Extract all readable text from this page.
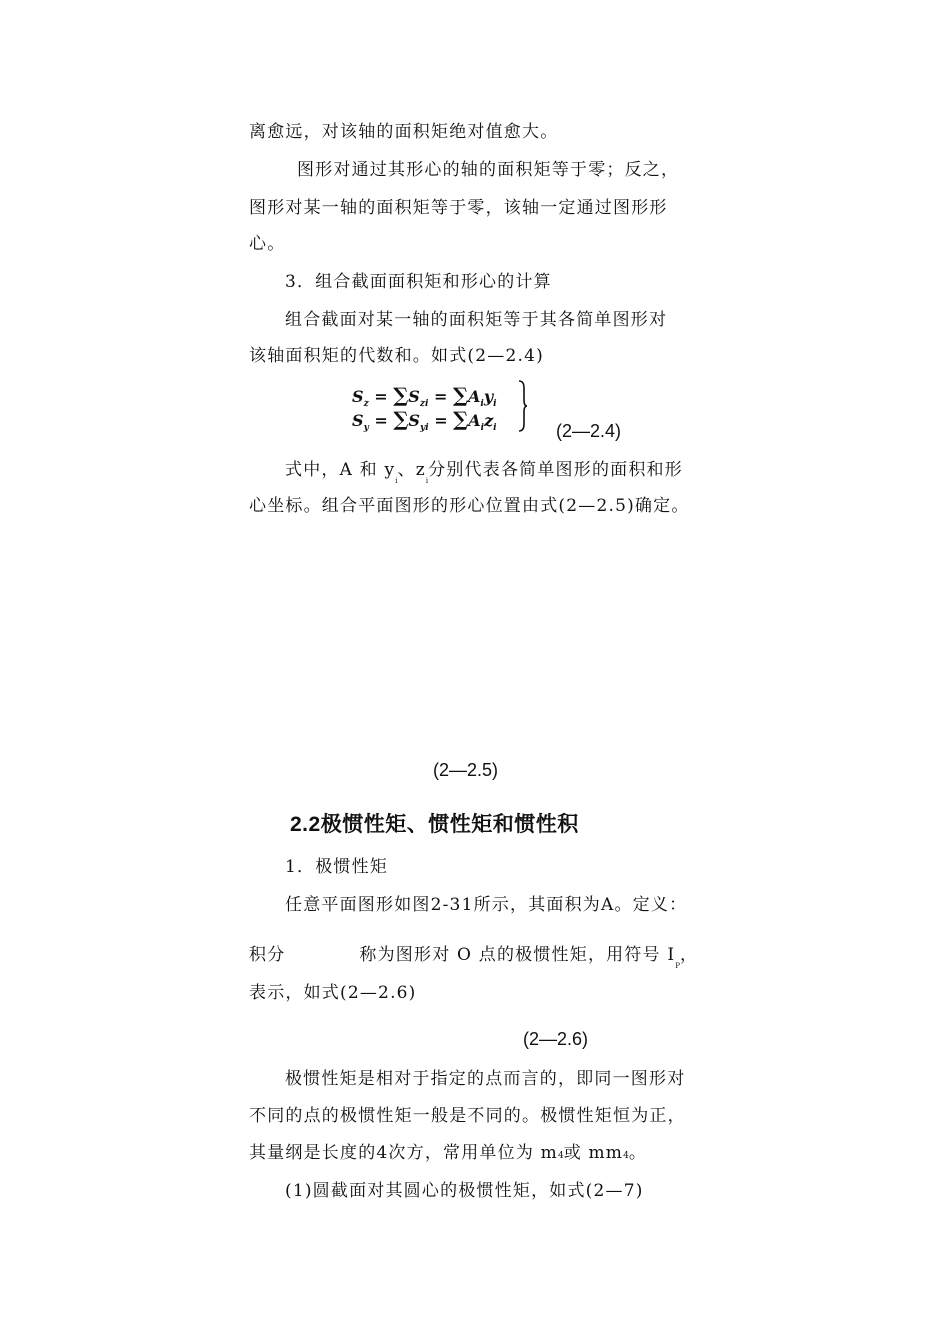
离愈远，对该轴的面积矩绝对值愈大。
图形对通过其形心的轴的面积矩等于零；反之，
图形对某一轴的面积矩等于零，该轴一定通过图形形
心。
3．组合截面面积矩和形心的计算
组合截面对某一轴的面积矩等于其各简单图形对
该轴面积矩的代数和。如式(2—2.4)
$S_z = \sum S_{zi} = \sum A_iy_i$
$S_y = \sum S_{yi} = \sum A_iz_i$	(2—2.4)
式中，A 和 $y_i$、$z_i$分别代表各简单图形的面积和形
心坐标。组合平面图形的形心位置由式(2—2.5)确定。
(2—2.5)
2.2极惯性矩、惯性矩和惯性积
1．极惯性矩
任意平面图形如图2-31所示，其面积为A。定义：
积分	称为图形对 O 点的极惯性矩，用符号 $I_P$，
表示，如式(2—2.6)
(2—2.6)
极惯性矩是相对于指定的点而言的，即同一图形对
不同的点的极惯性矩一般是不同的。极惯性矩恒为正，
其量纲是长度的4次方，常用单位为 m4或 mm4。
(1)圆截面对其圆心的极惯性矩，如式(2—7)
